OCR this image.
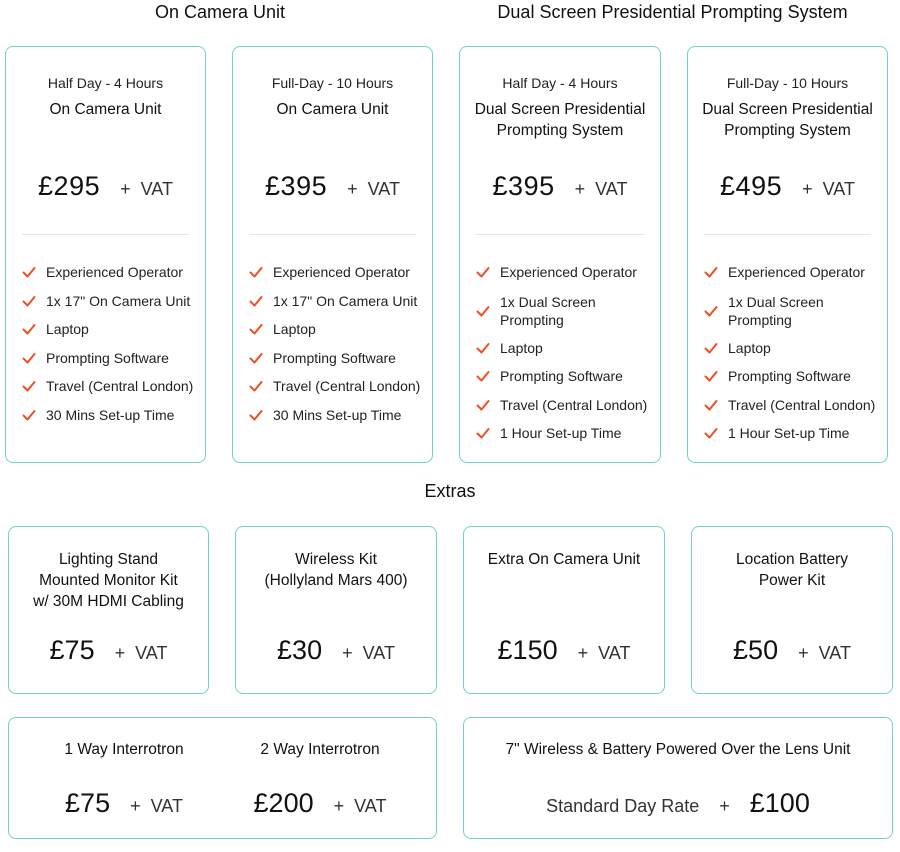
On Camera Unit	Dual Screen Presidential Prompting System
Half Day - 4 Hours
On Camera Unit
£295 + VAT
Experienced Operator
1x 17" On Camera Unit
Laptop
Prompting Software
Travel (Central London)
30 Mins Set-up Time
Full-Day - 10 Hours
On Camera Unit
£395 + VAT
Experienced Operator
1x 17" On Camera Unit
Laptop
Prompting Software
Travel (Central London)
30 Mins Set-up Time
Half Day - 4 Hours
Dual Screen Presidential Prompting System
£395 + VAT
Experienced Operator
1x Dual Screen Prompting
Laptop
Prompting Software
Travel (Central London)
1 Hour Set-up Time
Full-Day - 10 Hours
Dual Screen Presidential Prompting System
£495 + VAT
Experienced Operator
1x Dual Screen Prompting
Laptop
Prompting Software
Travel (Central London)
1 Hour Set-up Time
Extras
Lighting Stand Mounted Monitor Kit w/ 30M HDMI Cabling
£75 + VAT
Wireless Kit (Hollyland Mars 400)
£30 + VAT
Extra On Camera Unit
£150 + VAT
Location Battery Power Kit
£50 + VAT
1 Way Interrotron
£75 + VAT
2 Way Interrotron
£200 + VAT
7" Wireless & Battery Powered Over the Lens Unit
Standard Day Rate + £100
